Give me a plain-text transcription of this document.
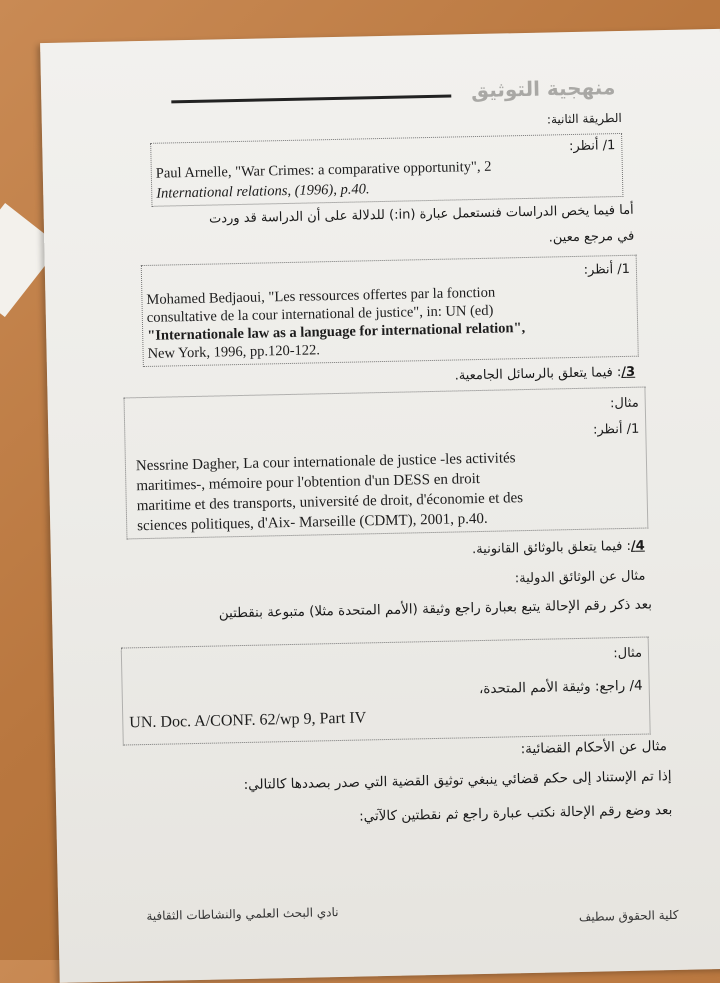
منهجية التوثيق
الطريقة الثانية:
1/ أنظر:
Paul Arnelle, "War Crimes: a comparative opportunity", 2
International relations, (1996), p.40.
أما فيما يخص الدراسات فنستعمل عبارة (in:) للدلالة على أن الدراسة قد وردت
في مرجع معين.
1/ أنظر:
Mohamed Bedjaoui, "Les ressources offertes par la fonction
consultative de la cour international de justice", in: UN (ed)
"Internationale law as a language for international relation",
New York, 1996, pp.120-122.
3/: فيما يتعلق بالرسائل الجامعية.
مثال:
1/ أنظر:
Nessrine Dagher, La cour internationale de justice -les activités
maritimes-, mémoire pour l'obtention d'un DESS en droit
maritime et des transports, université de droit, d'économie et des
sciences politiques, d'Aix- Marseille (CDMT), 2001, p.40.
4/: فيما يتعلق بالوثائق القانونية.
مثال عن الوثائق الدولية:
بعد ذكر رقم الإحالة يتبع بعبارة راجع وثيقة (الأمم المتحدة مثلا) متبوعة بنقطتين
مثال:
4/ راجع: وثيقة الأمم المتحدة،
UN. Doc. A/CONF. 62/wp 9, Part IV
مثال عن الأحكام القضائية:
إذا تم الإستناد إلى حكم قضائي ينبغي توثيق القضية التي صدر بصددها كالتالي:
بعد وضع رقم الإحالة نكتب عبارة راجع ثم نقطتين كالآتي:
كلية الحقوق سطيف
نادي البحث العلمي والنشاطات الثقافية
